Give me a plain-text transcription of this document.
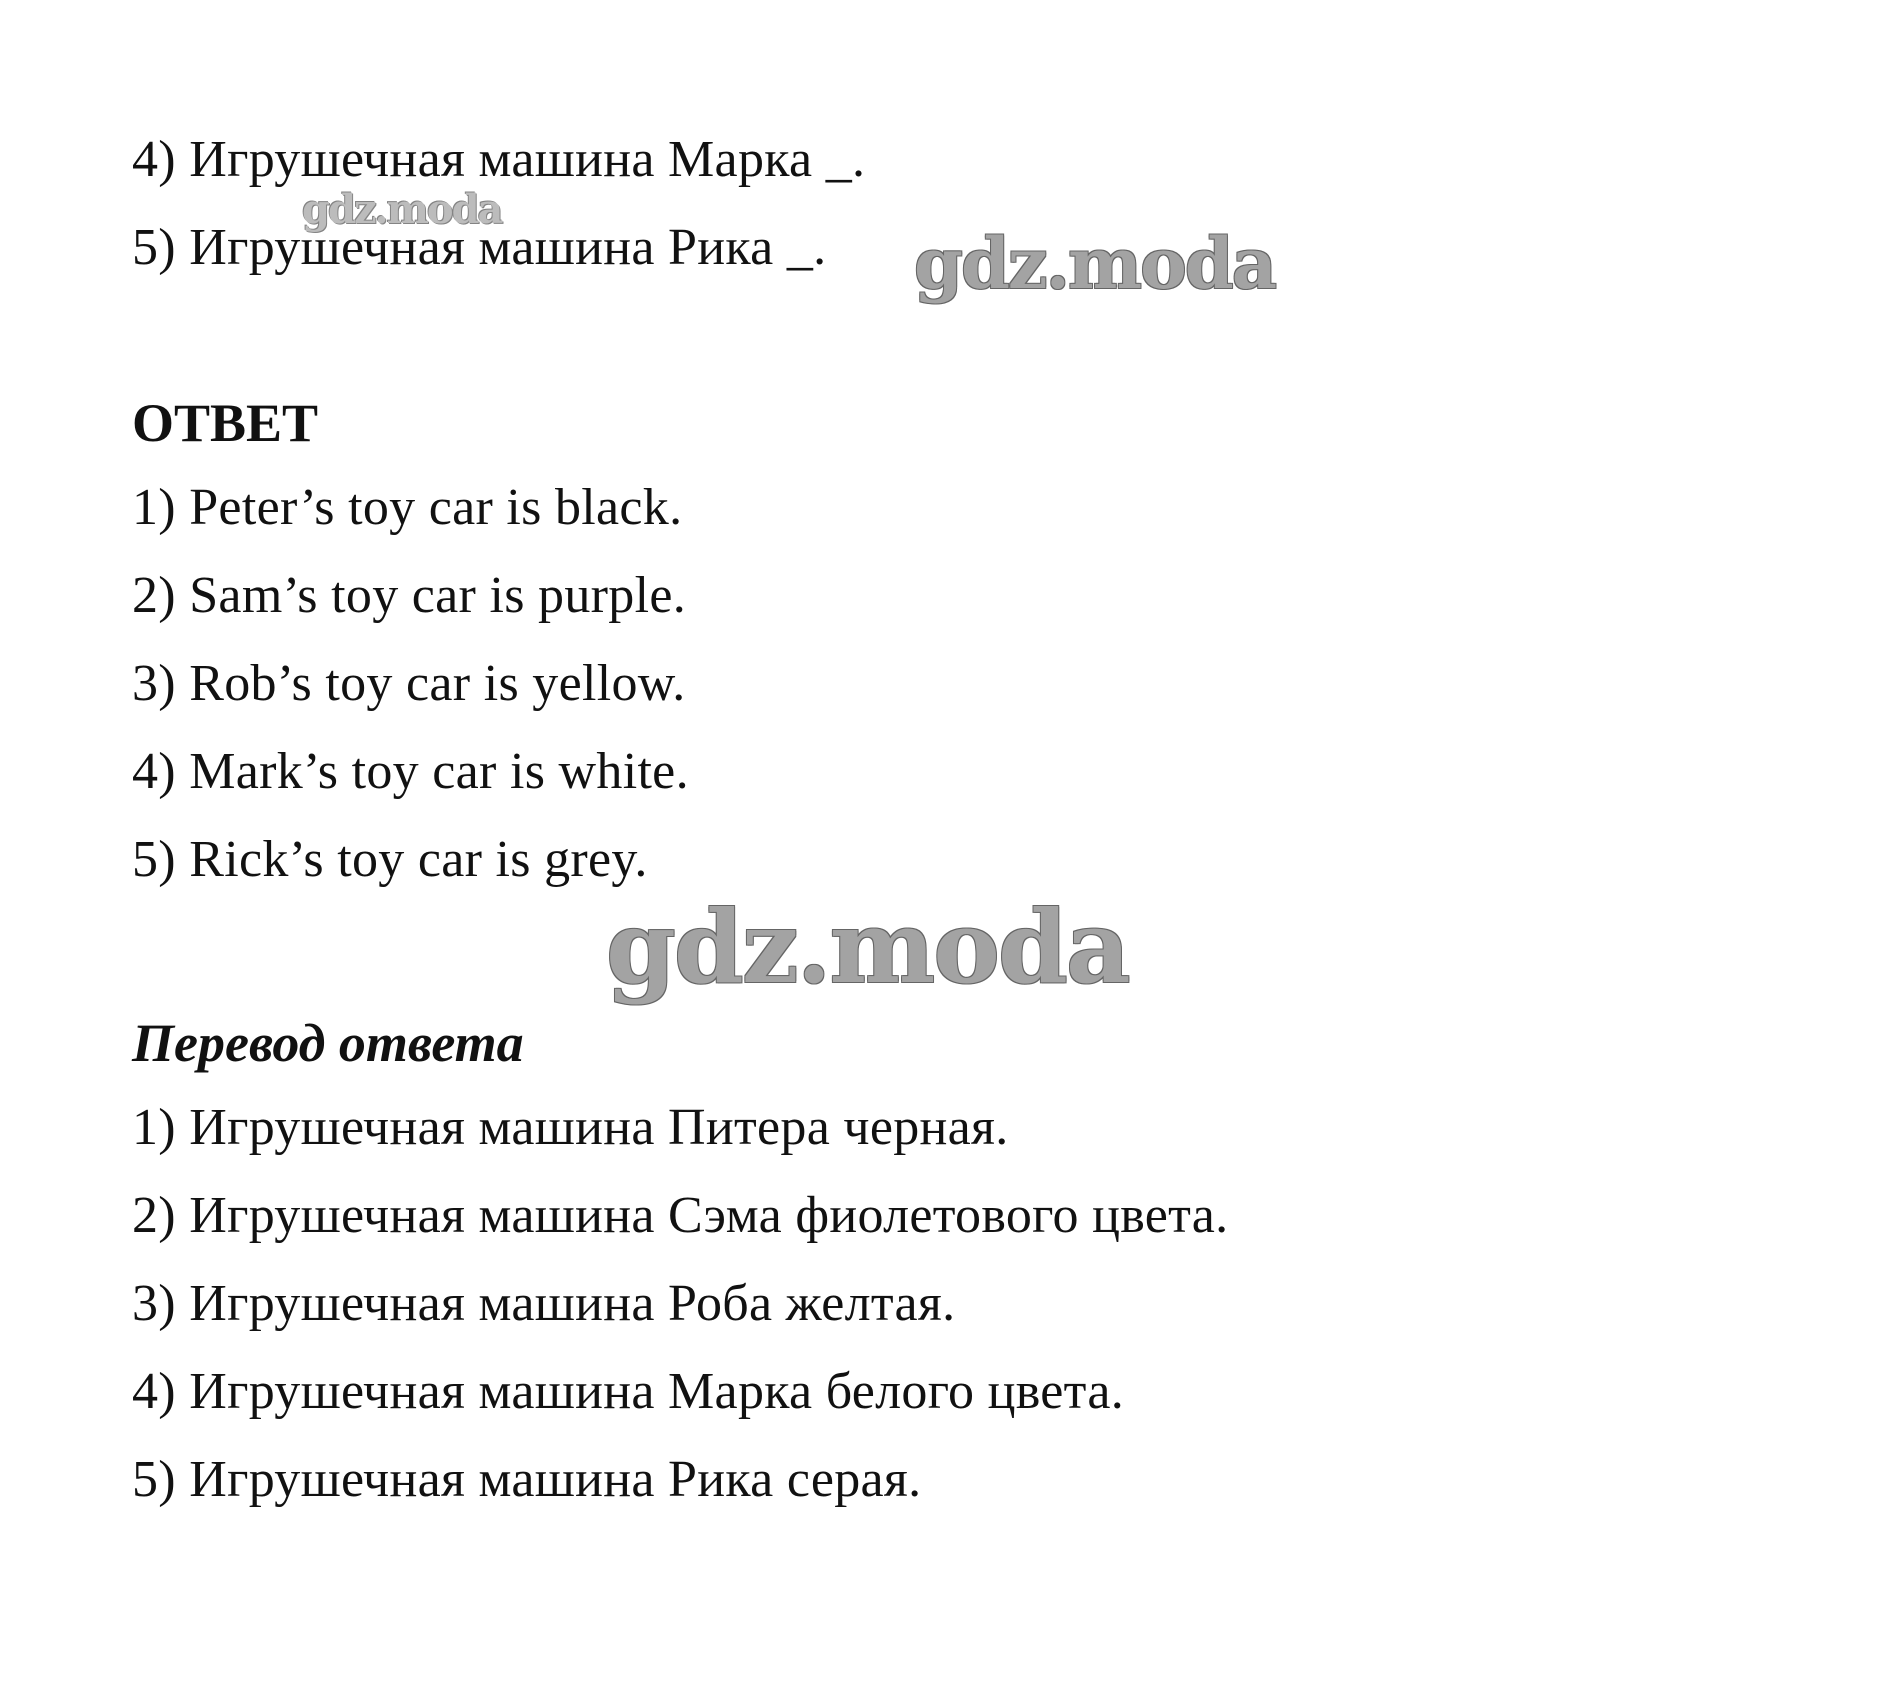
4) Игрушечная машина Марка _.
5) Игрушечная машина Рика _.
gdz.moda
gdz.moda
ОТВЕТ
1) Peter’s toy car is black.
2) Sam’s toy car is purple.
3) Rob’s toy car is yellow.
4) Mark’s toy car is white.
5) Rick’s toy car is grey.
gdz.moda
Перевод ответа
1) Игрушечная машина Питера черная.
2) Игрушечная машина Сэма фиолетового цвета.
3) Игрушечная машина Роба желтая.
4) Игрушечная машина Марка белого цвета.
5) Игрушечная машина Рика серая.
